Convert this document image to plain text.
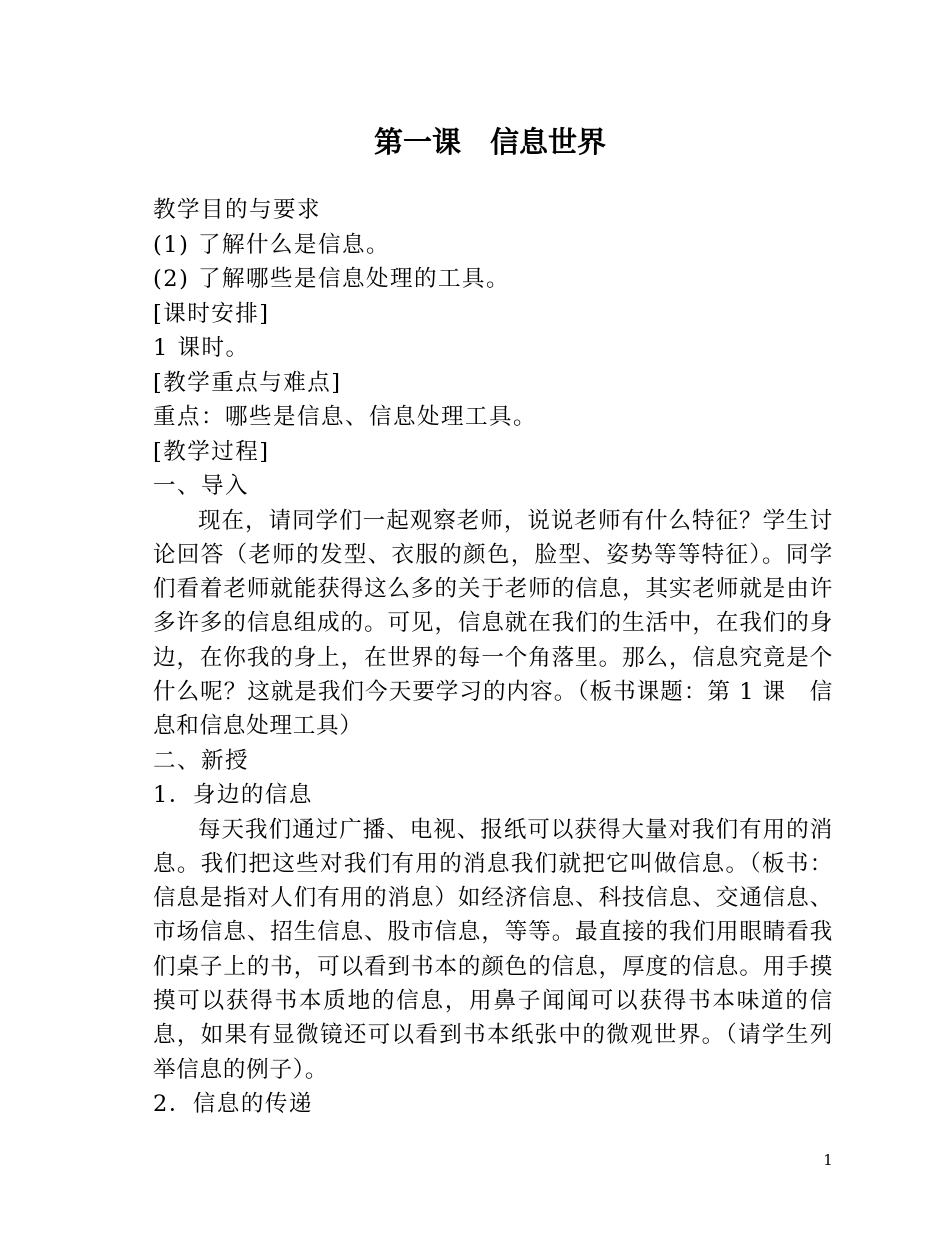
第一课　信息世界
教学目的与要求
(1) 了解什么是信息。
(2) 了解哪些是信息处理的工具。
[课时安排]
1 课时。
[教学重点与难点]
重点：哪些是信息、信息处理工具。
[教学过程]
一、导入

现在，请同学们一起观察老师，说说老师有什么特征？学生讨论回答（老师的发型、衣服的颜色，脸型、姿势等等特征）。同学们看着老师就能获得这么多的关于老师的信息，其实老师就是由许多许多的信息组成的。可见，信息就在我们的生活中，在我们的身边，在你我的身上，在世界的每一个角落里。那么，信息究竟是个什么呢？这就是我们今天要学习的内容。（板书课题：第 1 课　信息和信息处理工具）

二、新授
1．身边的信息

每天我们通过广播、电视、报纸可以获得大量对我们有用的消息。我们把这些对我们有用的消息我们就把它叫做信息。（板书：信息是指对人们有用的消息）如经济信息、科技信息、交通信息、市场信息、招生信息、股市信息，等等。最直接的我们用眼睛看我们桌子上的书，可以看到书本的颜色的信息，厚度的信息。用手摸摸可以获得书本质地的信息，用鼻子闻闻可以获得书本味道的信息，如果有显微镜还可以看到书本纸张中的微观世界。（请学生列举信息的例子）。

2．信息的传递
1
